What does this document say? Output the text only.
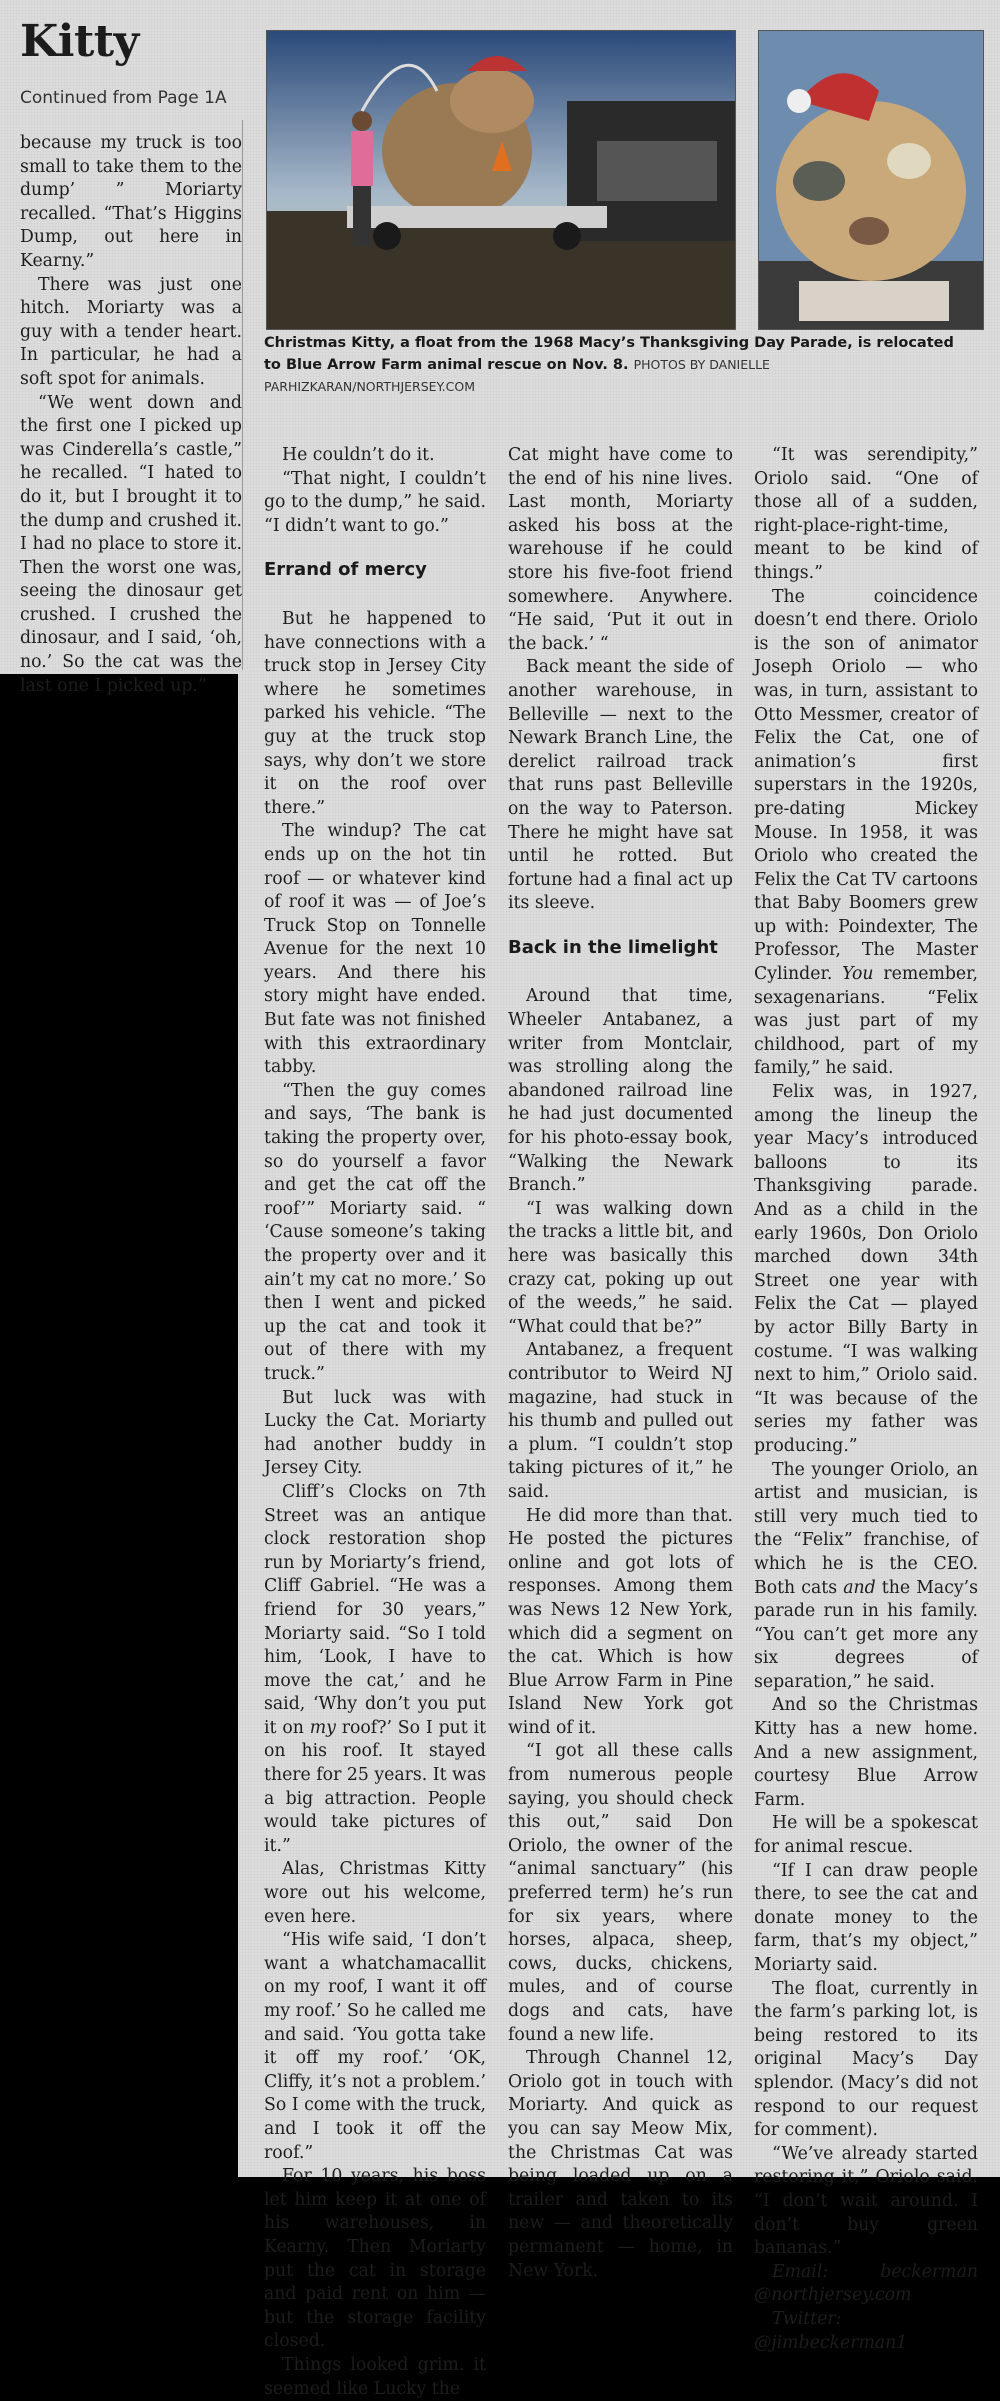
Kitty
Continued from Page 1A
Christmas Kitty, a float from the 1968 Macy’s Thanksgiving Day Parade, is relocated to Blue Arrow Farm animal rescue on Nov. 8. PHOTOS BY DANIELLE PARHIZKARAN/NORTHJERSEY.COM

because my truck is too small to take them to the dump’ ” Moriarty recalled. “That’s Higgins Dump, out here in Kearny.”

There was just one hitch. Moriarty was a guy with a tender heart. In particular, he had a soft spot for animals.

“We went down and the first one I picked up was Cinderella’s castle,” he recalled. “I hated to do it, but I brought it to the dump and crushed it. I had no place to store it. Then the worst one was, seeing the dinosaur get crushed. I crushed the dinosaur, and I said, ‘oh, no.’ So the cat was the last one I picked up.”

He couldn’t do it.

“That night, I couldn’t go to the dump,” he said. “I didn’t want to go.”

Errand of mercy

But he happened to have connections with a truck stop in Jersey City where he sometimes parked his vehicle. “The guy at the truck stop says, why don’t we store it on the roof over there.”

The windup? The cat ends up on the hot tin roof — or whatever kind of roof it was — of Joe’s Truck Stop on Tonnelle Avenue for the next 10 years. And there his story might have ended. But fate was not finished with this extraordinary tabby.

“Then the guy comes and says, ‘The bank is taking the property over, so do yourself a favor and get the cat off the roof’” Moriarty said. “ ‘Cause someone’s taking the property over and it ain’t my cat no more.’ So then I went and picked up the cat and took it out of there with my truck.”

But luck was with Lucky the Cat. Moriarty had another buddy in Jersey City.

Cliff’s Clocks on 7th Street was an antique clock restoration shop run by Moriarty’s friend, Cliff Gabriel. “He was a friend for 30 years,” Moriarty said. “So I told him, ‘Look, I have to move the cat,’ and he said, ‘Why don’t you put it on my roof?’ So I put it on his roof. It stayed there for 25 years. It was a big attraction. People would take pictures of it.”

Alas, Christmas Kitty wore out his welcome, even here.

“His wife said, ‘I don’t want a whatchamacallit on my roof, I want it off my roof.’ So he called me and said. ‘You gotta take it off my roof.’ ‘OK, Cliffy, it’s not a problem.’ So I come with the truck, and I took it off the roof.”

For 10 years, his boss let him keep it at one of his warehouses, in Kearny. Then Moriarty put the cat in storage and paid rent on him — but the storage facility closed.

Things looked grim. it seemed like Lucky the

Cat might have come to the end of his nine lives. Last month, Moriarty asked his boss at the warehouse if he could store his five-foot friend somewhere. Anywhere. “He said, ‘Put it out in the back.’ “

Back meant the side of another warehouse, in Belleville — next to the Newark Branch Line, the derelict railroad track that runs past Belleville on the way to Paterson. There he might have sat until he rotted. But fortune had a final act up its sleeve.

Back in the limelight

Around that time, Wheeler Antabanez, a writer from Montclair, was strolling along the abandoned railroad line he had just documented for his photo-essay book, “Walking the Newark Branch.”

“I was walking down the tracks a little bit, and here was basically this crazy cat, poking up out of the weeds,” he said. “What could that be?”

Antabanez, a frequent contributor to Weird NJ magazine, had stuck in his thumb and pulled out a plum. “I couldn’t stop taking pictures of it,” he said.

He did more than that. He posted the pictures online and got lots of responses. Among them was News 12 New York, which did a segment on the cat. Which is how Blue Arrow Farm in Pine Island New York got wind of it.

“I got all these calls from numerous people saying, you should check this out,” said Don Oriolo, the owner of the “animal sanctuary” (his preferred term) he’s run for six years, where horses, alpaca, sheep, cows, ducks, chickens, mules, and of course dogs and cats, have found a new life.

Through Channel 12, Oriolo got in touch with Moriarty. And quick as you can say Meow Mix, the Christmas Cat was being loaded up on a trailer and taken to its new — and theoretically permanent — home, in New York.

“It was serendipity,” Oriolo said. “One of those all of a sudden, right-place-right-time, meant to be kind of things.”

The coincidence doesn’t end there. Oriolo is the son of animator Joseph Oriolo — who was, in turn, assistant to Otto Messmer, creator of Felix the Cat, one of animation’s first superstars in the 1920s, pre-dating Mickey Mouse. In 1958, it was Oriolo who created the Felix the Cat TV cartoons that Baby Boomers grew up with: Poindexter, The Professor, The Master Cylinder. You remember, sexagenarians. “Felix was just part of my childhood, part of my family,” he said.

Felix was, in 1927, among the lineup the year Macy’s introduced balloons to its Thanksgiving parade. And as a child in the early 1960s, Don Oriolo marched down 34th Street one year with Felix the Cat — played by actor Billy Barty in costume. “I was walking next to him,” Oriolo said. “It was because of the series my father was producing.”

The younger Oriolo, an artist and musician, is still very much tied to the “Felix” franchise, of which he is the CEO. Both cats and the Macy’s parade run in his family. “You can’t get more any six degrees of separation,” he said.

And so the Christmas Kitty has a new home. And a new assignment, courtesy Blue Arrow Farm.

He will be a spokescat for animal rescue.

“If I can draw people there, to see the cat and donate money to the farm, that’s my object,” Moriarty said.

The float, currently in the farm’s parking lot, is being restored to its original Macy’s Day splendor. (Macy’s did not respond to our request for comment).

“We’ve already started restoring it,” Oriolo said. “I don’t wait around. I don’t buy green bananas.”

Email: beckerman @northjersey.com

Twitter: @jimbeckerman1
